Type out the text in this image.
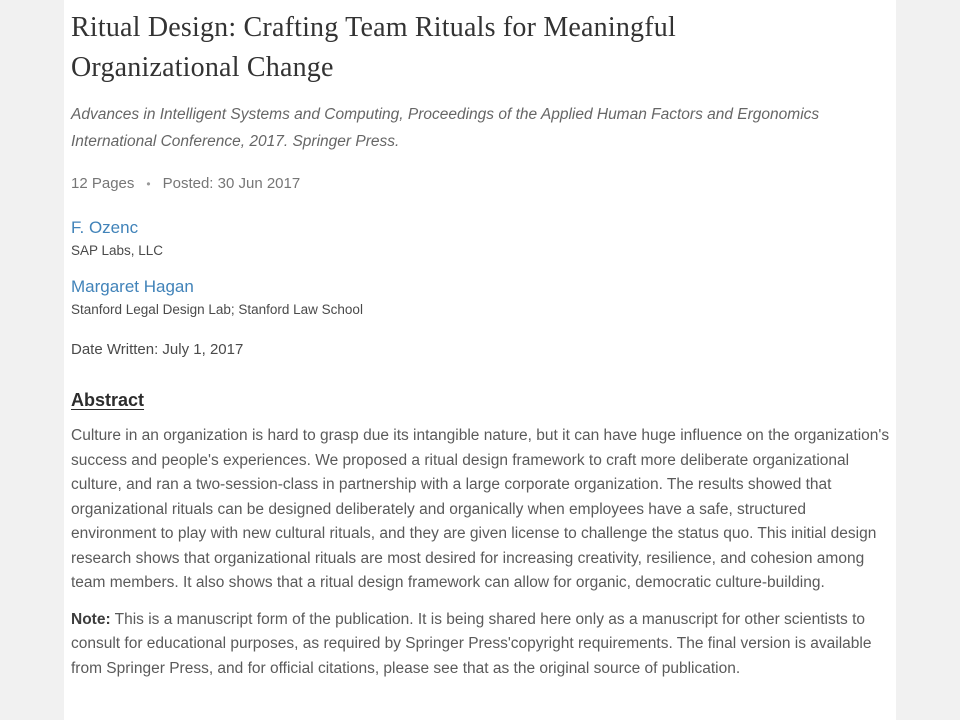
Ritual Design: Crafting Team Rituals for Meaningful Organizational Change
Advances in Intelligent Systems and Computing, Proceedings of the Applied Human Factors and Ergonomics International Conference, 2017. Springer Press.
12 Pages • Posted: 30 Jun 2017
F. Ozenc
SAP Labs, LLC
Margaret Hagan
Stanford Legal Design Lab; Stanford Law School
Date Written: July 1, 2017
Abstract
Culture in an organization is hard to grasp due its intangible nature, but it can have huge influence on the organization's success and people's experiences. We proposed a ritual design framework to craft more deliberate organizational culture, and ran a two-session-class in partnership with a large corporate organization. The results showed that organizational rituals can be designed deliberately and organically when employees have a safe, structured environment to play with new cultural rituals, and they are given license to challenge the status quo. This initial design research shows that organizational rituals are most desired for increasing creativity, resilience, and cohesion among team members. It also shows that a ritual design framework can allow for organic, democratic culture-building.
Note: This is a manuscript form of the publication. It is being shared here only as a manuscript for other scientists to consult for educational purposes, as required by Springer Press'copyright requirements. The final version is available from Springer Press, and for official citations, please see that as the original source of publication.
